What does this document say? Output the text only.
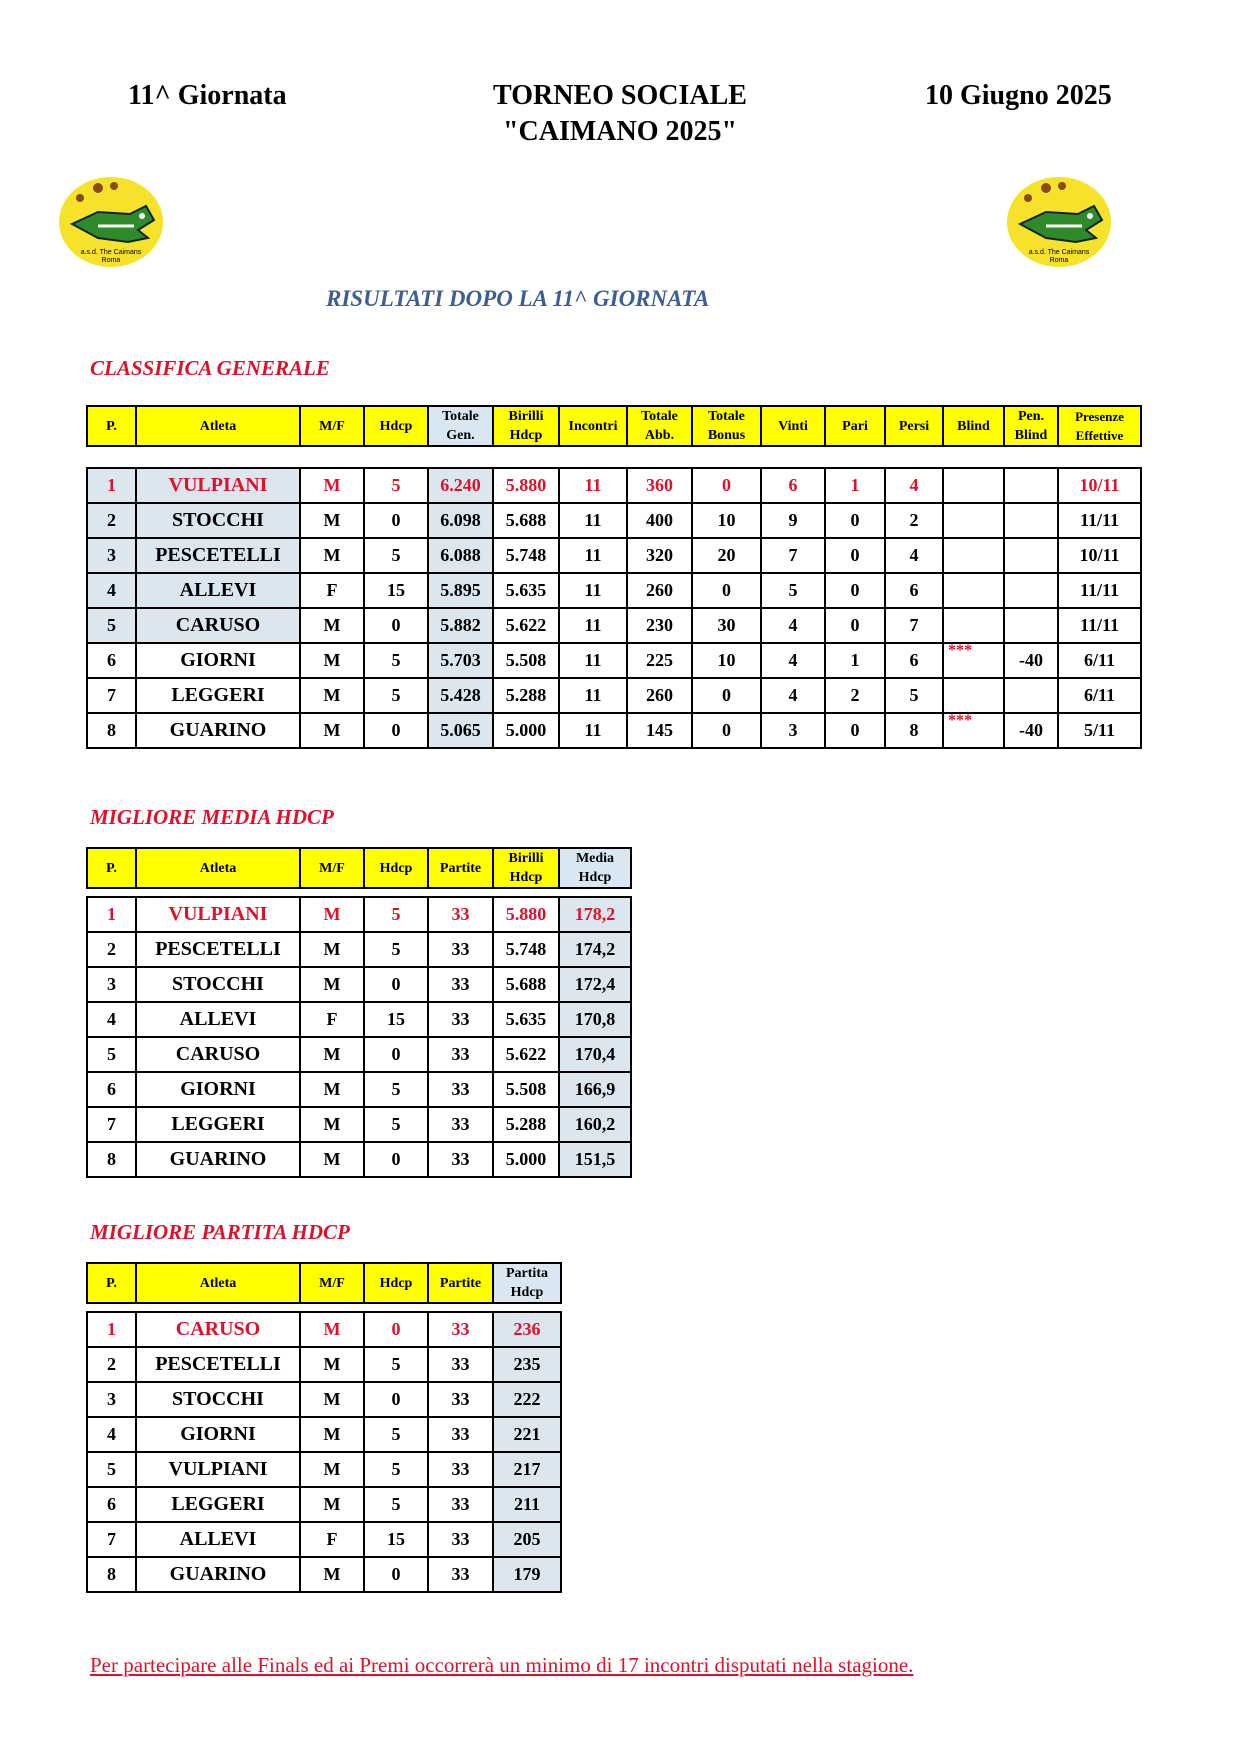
11^ Giornata	TORNEO SOCIALE
"CAIMANO 2025"
10 Giugno 2025
a.s.d. The Caimans
Roma
a.s.d. The Caimans
Roma
RISULTATI DOPO LA 11^ GIORNATA
CLASSIFICA GENERALE
P.	Atleta	M/F	Hdcp	Totale Gen.	Birilli Hdcp	Incontri	Totale Abb.	Totale Bonus	Vinti	Pari	Persi	Blind	Pen. Blind	Presenze Effettive

1	VULPIANI	M	5	6.240	5.880	11	360	0	6	1	4			10/11
2	STOCCHI	M	0	6.098	5.688	11	400	10	9	0	2			11/11
3	PESCETELLI	M	5	6.088	5.748	11	320	20	7	0	4			10/11
4	ALLEVI	F	15	5.895	5.635	11	260	0	5	0	6			11/11
5	CARUSO	M	0	5.882	5.622	11	230	30	4	0	7			11/11
6	GIORNI	M	5	5.703	5.508	11	225	10	4	1	6	***	-40	6/11
7	LEGGERI	M	5	5.428	5.288	11	260	0	4	2	5			6/11
8	GUARINO	M	0	5.065	5.000	11	145	0	3	0	8	***	-40	5/11
MIGLIORE MEDIA HDCP
P.	Atleta	M/F	Hdcp	Partite	Birilli Hdcp	Media Hdcp

1	VULPIANI	M	5	33	5.880	178,2
2	PESCETELLI	M	5	33	5.748	174,2
3	STOCCHI	M	0	33	5.688	172,4
4	ALLEVI	F	15	33	5.635	170,8
5	CARUSO	M	0	33	5.622	170,4
6	GIORNI	M	5	33	5.508	166,9
7	LEGGERI	M	5	33	5.288	160,2
8	GUARINO	M	0	33	5.000	151,5
MIGLIORE PARTITA HDCP
P.	Atleta	M/F	Hdcp	Partite	Partita Hdcp

1	CARUSO	M	0	33	236
2	PESCETELLI	M	5	33	235
3	STOCCHI	M	0	33	222
4	GIORNI	M	5	33	221
5	VULPIANI	M	5	33	217
6	LEGGERI	M	5	33	211
7	ALLEVI	F	15	33	205
8	GUARINO	M	0	33	179
Per partecipare alle Finals ed ai Premi occorrerà un minimo di 17 incontri disputati nella stagione.
